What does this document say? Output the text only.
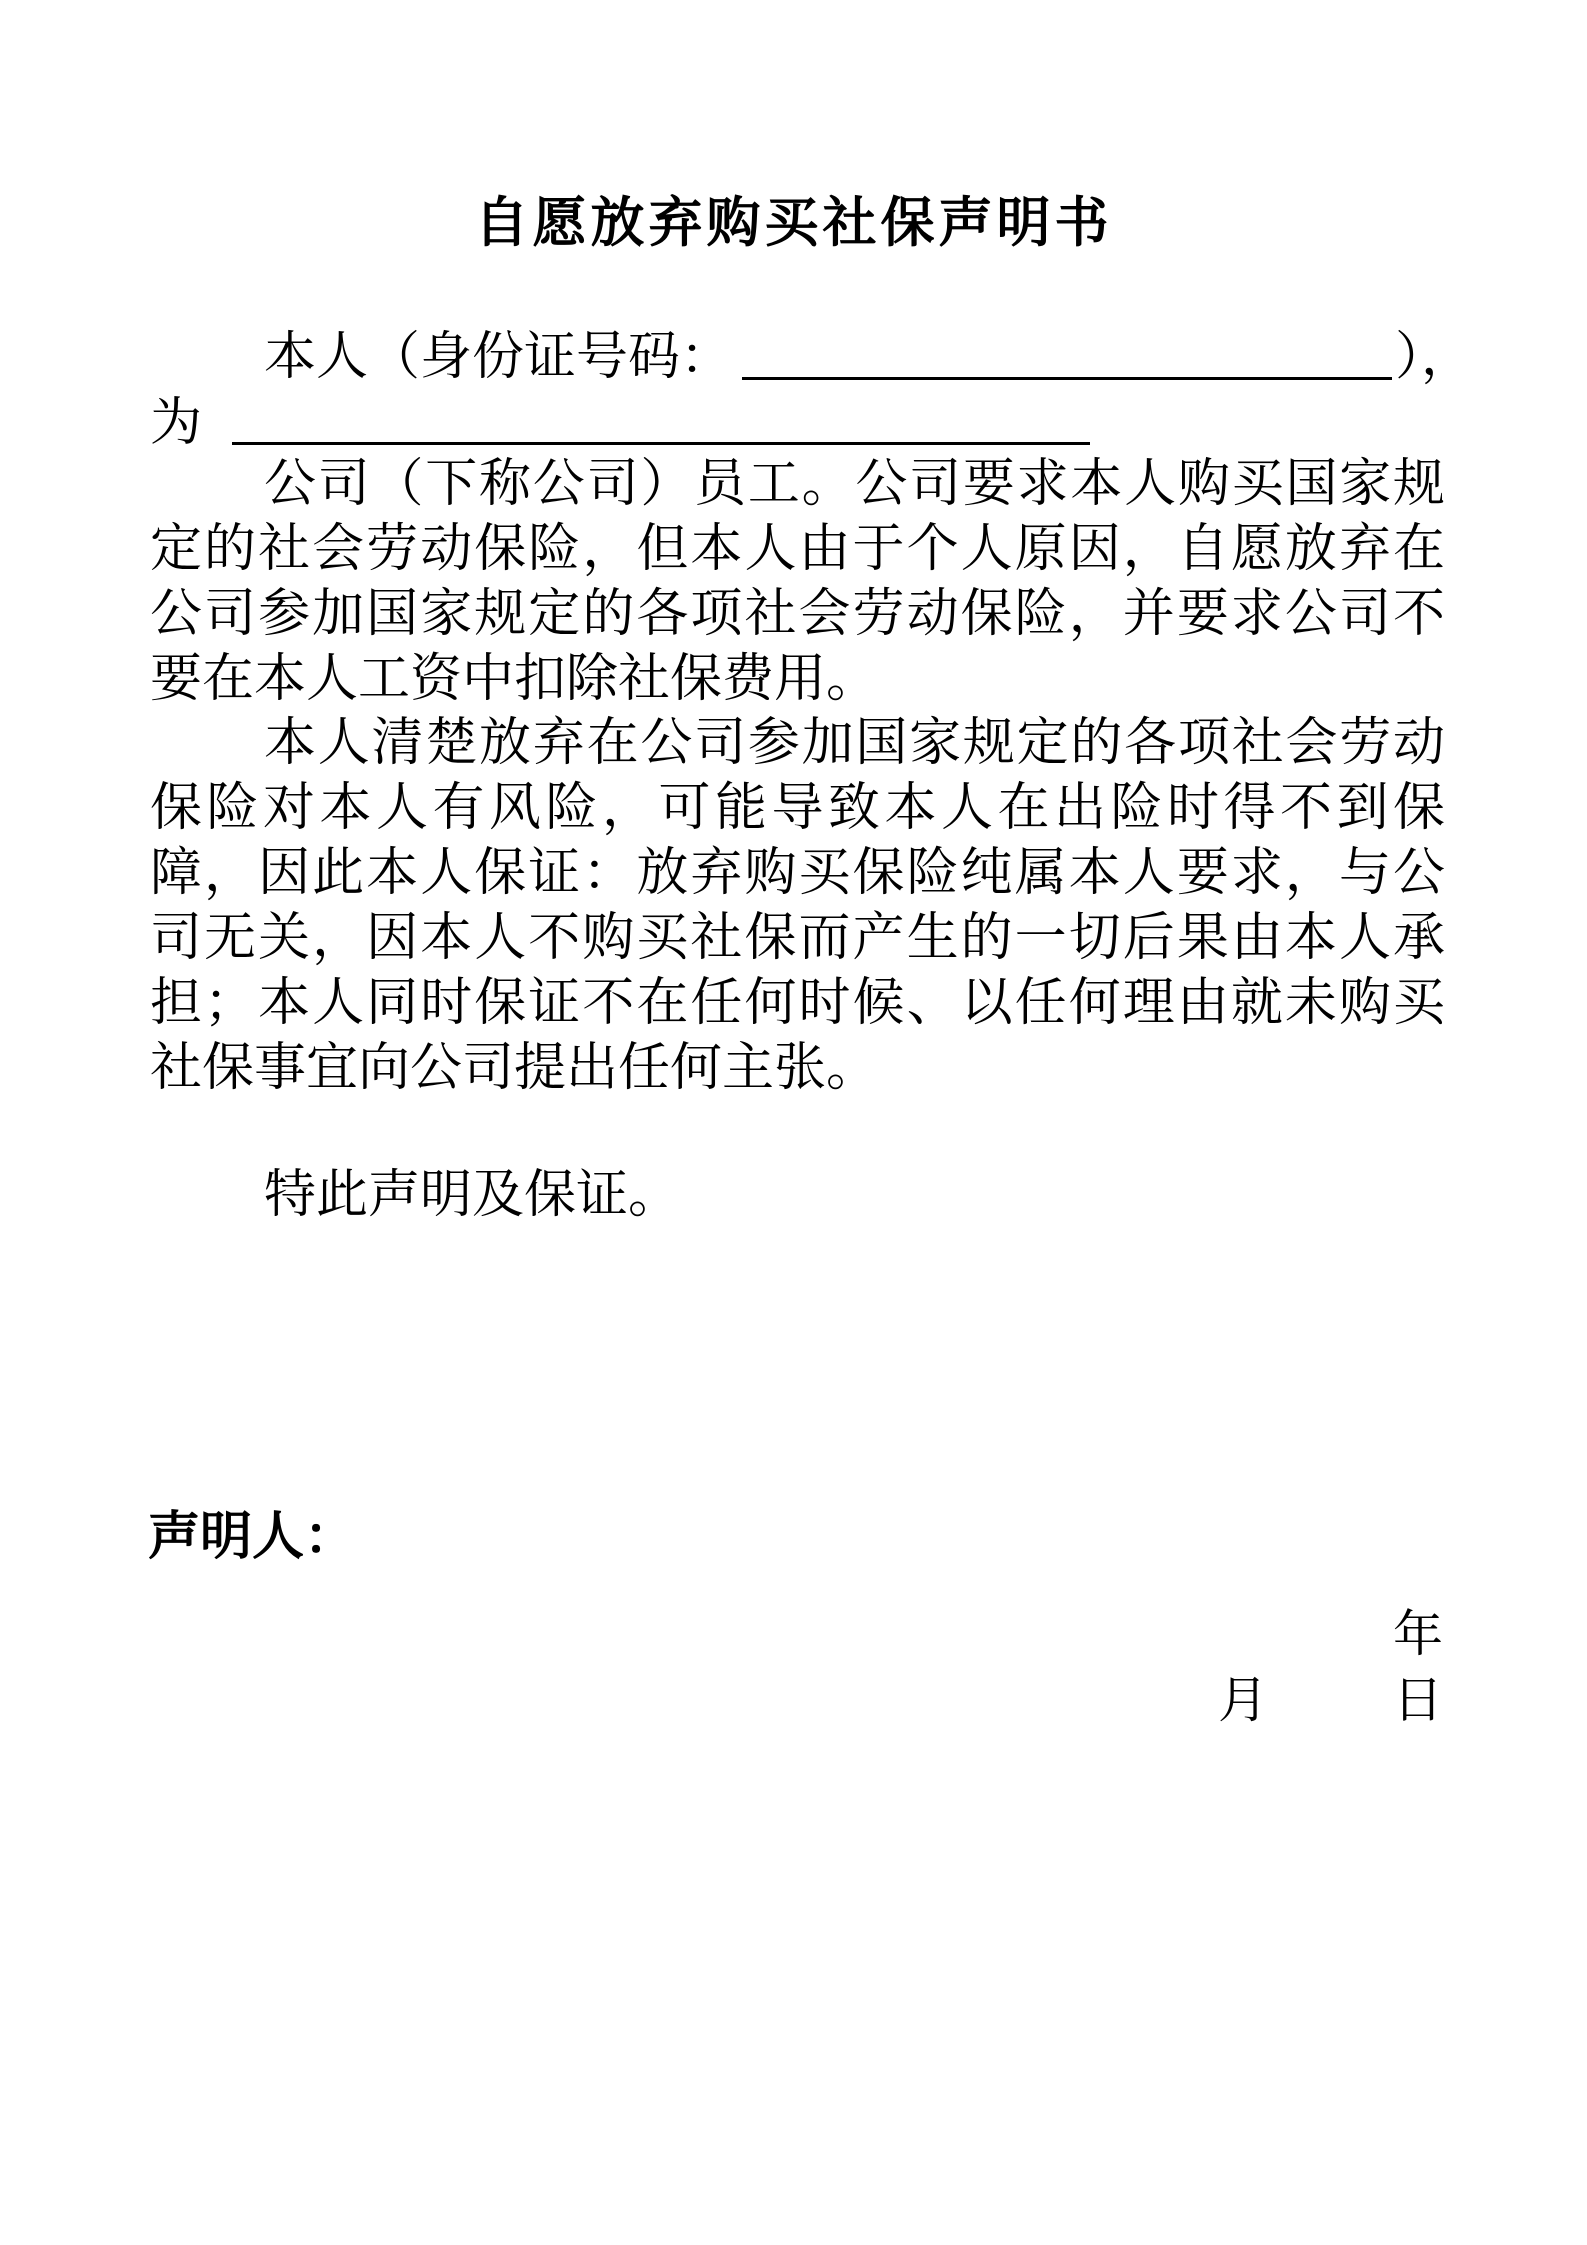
自愿放弃购买社保声明书
本人（身份证号码：	），
为

公司（下称公司）员工。公司要求本人购买国家规定的社会劳动保险，但本人由于个人原因，自愿放弃在公司参加国家规定的各项社会劳动保险，并要求公司不要在本人工资中扣除社保费用。

本人清楚放弃在公司参加国家规定的各项社会劳动保险对本人有风险，可能导致本人在出险时得不到保障，因此本人保证：放弃购买保险纯属本人要求，与公司无关，因本人不购买社保而产生的一切后果由本人承担；本人同时保证不在任何时候、以任何理由就未购买社保事宜向公司提出任何主张。

特此声明及保证。
声明人：
年
月	日
